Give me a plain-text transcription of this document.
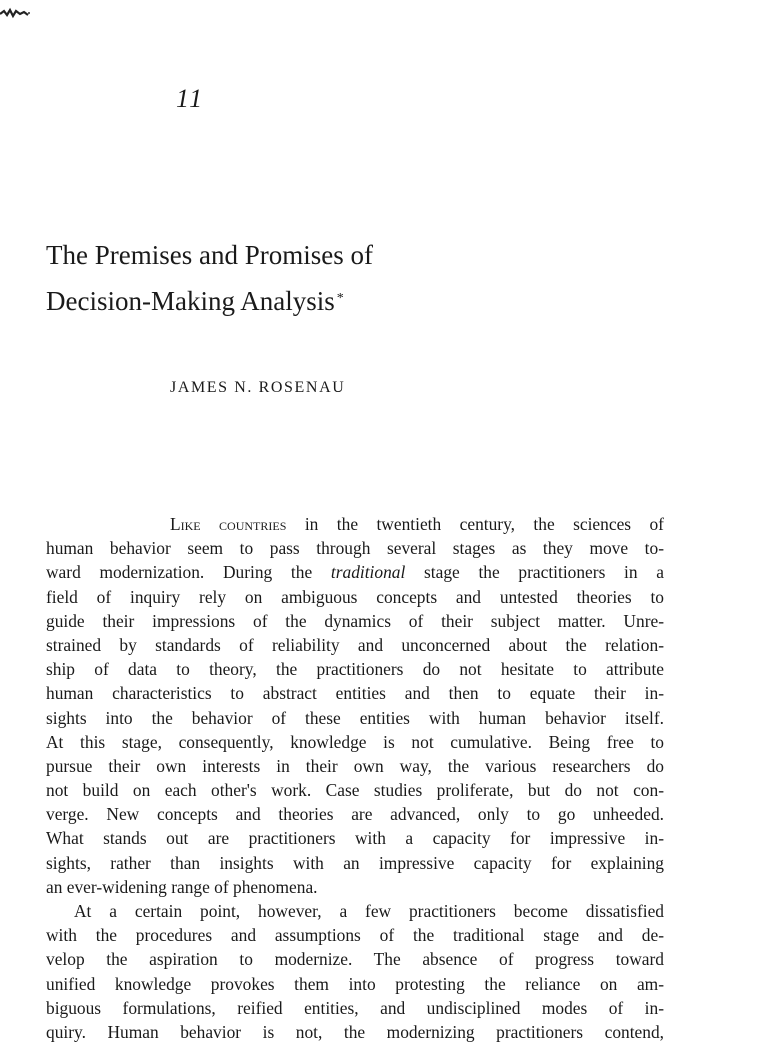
11
The Premises and Promises of
Decision-Making Analysis *
JAMES N. ROSENAU
Like countries in the twentieth century, the sciences of
human behavior seem to pass through several stages as they move to-
ward modernization. During the traditional stage the practitioners in a
field of inquiry rely on ambiguous concepts and untested theories to
guide their impressions of the dynamics of their subject matter. Unre-
strained by standards of reliability and unconcerned about the relation-
ship of data to theory, the practitioners do not hesitate to attribute
human characteristics to abstract entities and then to equate their in-
sights into the behavior of these entities with human behavior itself.
At this stage, consequently, knowledge is not cumulative. Being free to
pursue their own interests in their own way, the various researchers do
not build on each other's work. Case studies proliferate, but do not con-
verge. New concepts and theories are advanced, only to go unheeded.
What stands out are practitioners with a capacity for impressive in-
sights, rather than insights with an impressive capacity for explaining
an ever-widening range of phenomena.
At a certain point, however, a few practitioners become dissatisfied
with the procedures and assumptions of the traditional stage and de-
velop the aspiration to modernize. The absence of progress toward
unified knowledge provokes them into protesting the reliance on am-
biguous formulations, reified entities, and undisciplined modes of in-
quiry. Human behavior is not, the modernizing practitioners contend,
